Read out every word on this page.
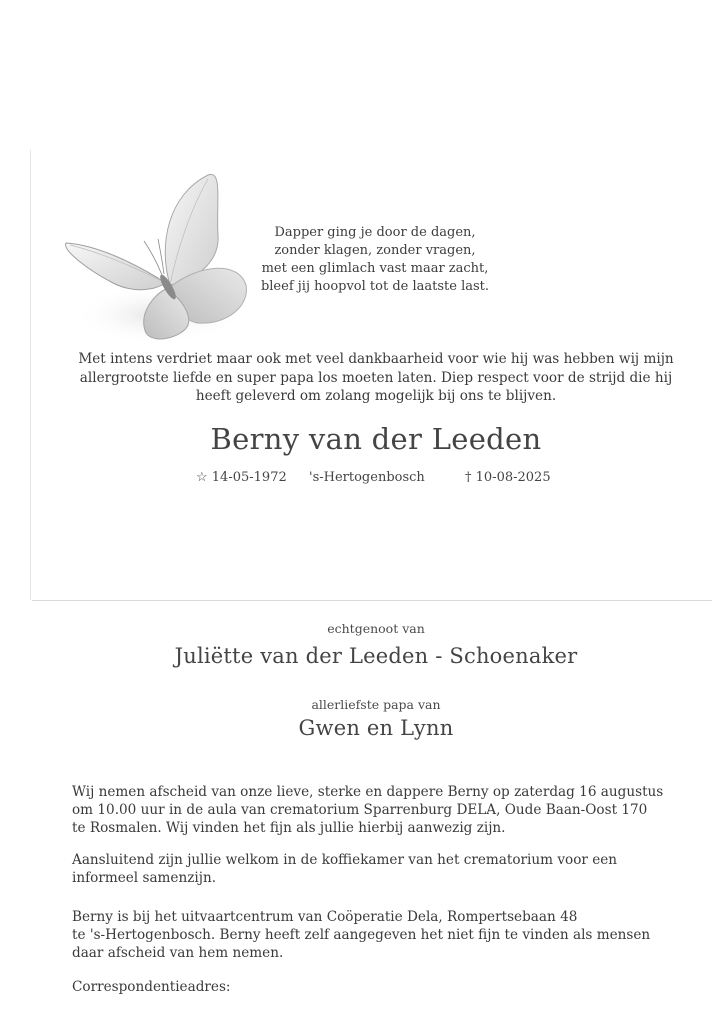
Dapper ging je door de dagen,
zonder klagen, zonder vragen,
met een glimlach vast maar zacht,
bleef jij hoopvol tot de laatste last.
Met intens verdriet maar ook met veel dankbaarheid voor wie hij was hebben wij mijn
allergrootste liefde en super papa los moeten laten. Diep respect voor de strijd die hij
heeft geleverd om zolang mogelijk bij ons te blijven.
Berny van der Leeden
☆ 14-05-1972 's-Hertogenbosch	† 10-08-2025
echtgenoot van
Juliëtte van der Leeden - Schoenaker
allerliefste papa van
Gwen en Lynn
Wij nemen afscheid van onze lieve, sterke en dappere Berny op zaterdag 16 augustus
om 10.00 uur in de aula van crematorium Sparrenburg DELA, Oude Baan-Oost 170
te Rosmalen. Wij vinden het fijn als jullie hierbij aanwezig zijn.
Aansluitend zijn jullie welkom in de koffiekamer van het crematorium voor een
informeel samenzijn.
Berny is bij het uitvaartcentrum van Coöperatie Dela, Rompertsebaan 48
te 's-Hertogenbosch. Berny heeft zelf aangegeven het niet fijn te vinden als mensen
daar afscheid van hem nemen.
Correspondentieadres:
